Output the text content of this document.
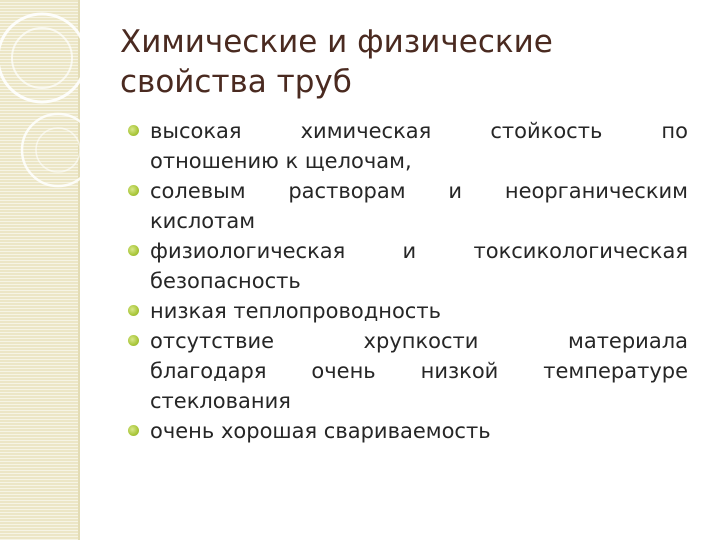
Химические и физические
свойства труб
высокая химическая стойкость по
отношению к щелочам,
солевым растворам и неорганическим
кислотам
физиологическая и токсикологическая
безопасность
низкая теплопроводность
отсутствие хрупкости материала
благодаря очень низкой температуре
стеклования
очень хорошая свариваемость
